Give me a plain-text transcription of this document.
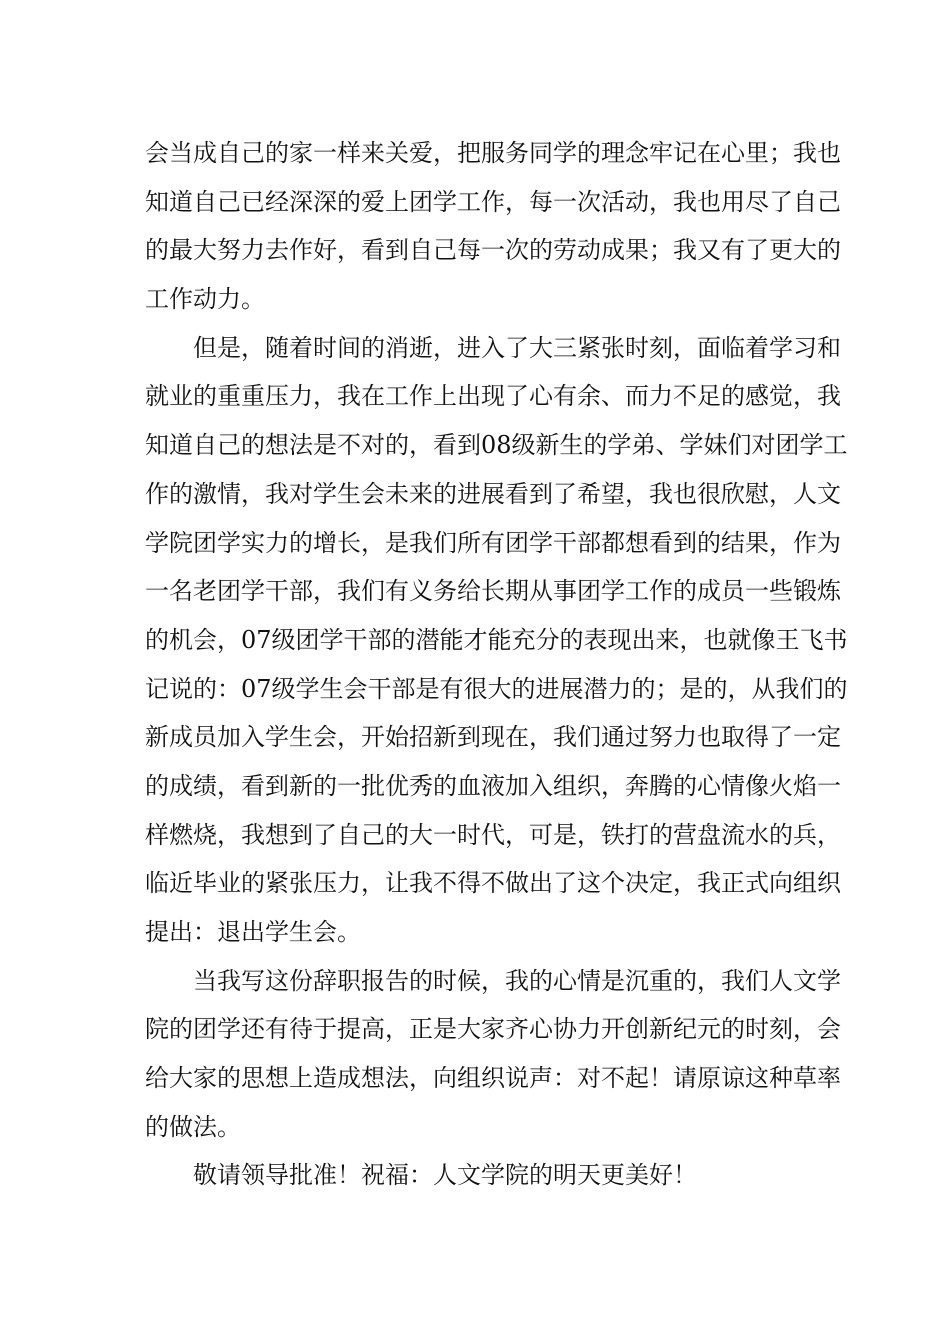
会当成自己的家一样来关爱，把服务同学的理念牢记在心里；我也
知道自己已经深深的爱上团学工作，每一次活动，我也用尽了自己
的最大努力去作好，看到自己每一次的劳动成果；我又有了更大的
工作动力。
但是，随着时间的消逝，进入了大三紧张时刻，面临着学习和
就业的重重压力，我在工作上出现了心有余、而力不足的感觉，我
知道自己的想法是不对的，看到08级新生的学弟、学妹们对团学工
作的激情，我对学生会未来的进展看到了希望，我也很欣慰，人文
学院团学实力的增长，是我们所有团学干部都想看到的结果，作为
一名老团学干部，我们有义务给长期从事团学工作的成员一些锻炼
的机会，07级团学干部的潜能才能充分的表现出来，也就像王飞书
记说的：07级学生会干部是有很大的进展潜力的；是的，从我们的
新成员加入学生会，开始招新到现在，我们通过努力也取得了一定
的成绩，看到新的一批优秀的血液加入组织，奔腾的心情像火焰一
样燃烧，我想到了自己的大一时代，可是，铁打的营盘流水的兵，
临近毕业的紧张压力，让我不得不做出了这个决定，我正式向组织
提出：退出学生会。
当我写这份辞职报告的时候，我的心情是沉重的，我们人文学
院的团学还有待于提高，正是大家齐心协力开创新纪元的时刻，会
给大家的思想上造成想法，向组织说声：对不起！请原谅这种草率
的做法。
敬请领导批准！祝福：人文学院的明天更美好！
